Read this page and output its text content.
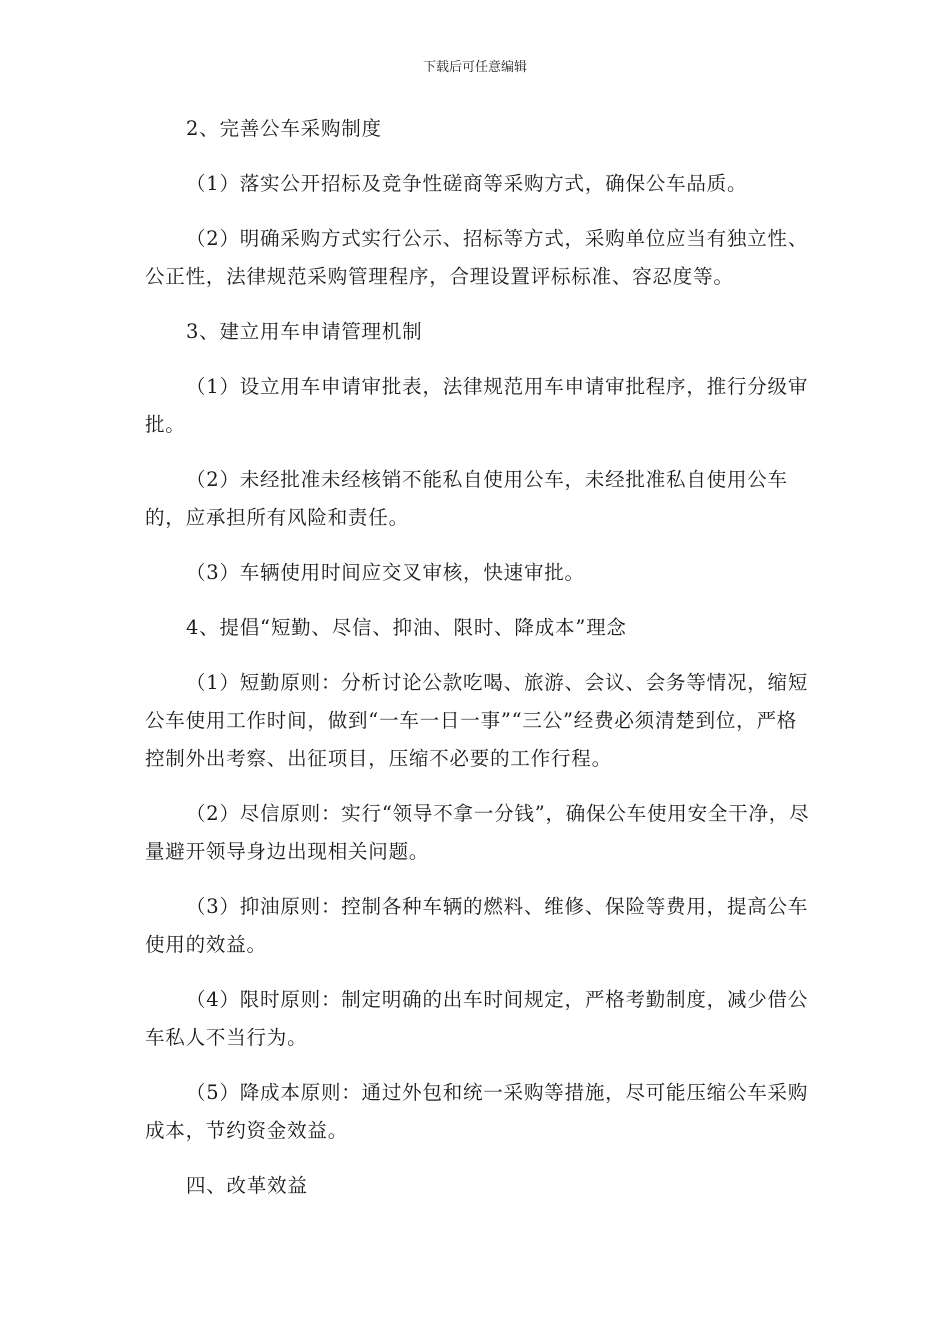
下载后可任意编辑

2、完善公车采购制度

（1）落实公开招标及竞争性磋商等采购方式，确保公车品质。

（2）明确采购方式实行公示、招标等方式，采购单位应当有独立性、公正性，法律规范采购管理程序，合理设置评标标准、容忍度等。

3、建立用车申请管理机制

（1）设立用车申请审批表，法律规范用车申请审批程序，推行分级审批。

（2）未经批准未经核销不能私自使用公车，未经批准私自使用公车的，应承担所有风险和责任。

（3）车辆使用时间应交叉审核，快速审批。

4、提倡“短勤、尽信、抑油、限时、降成本”理念

（1）短勤原则：分析讨论公款吃喝、旅游、会议、会务等情况，缩短公车使用工作时间，做到“一车一日一事”“三公”经费必须清楚到位，严格控制外出考察、出征项目，压缩不必要的工作行程。

（2）尽信原则：实行“领导不拿一分钱”，确保公车使用安全干净，尽量避开领导身边出现相关问题。

（3）抑油原则：控制各种车辆的燃料、维修、保险等费用，提高公车使用的效益。

（4）限时原则：制定明确的出车时间规定，严格考勤制度，减少借公车私人不当行为。

（5）降成本原则：通过外包和统一采购等措施，尽可能压缩公车采购成本，节约资金效益。

四、改革效益
